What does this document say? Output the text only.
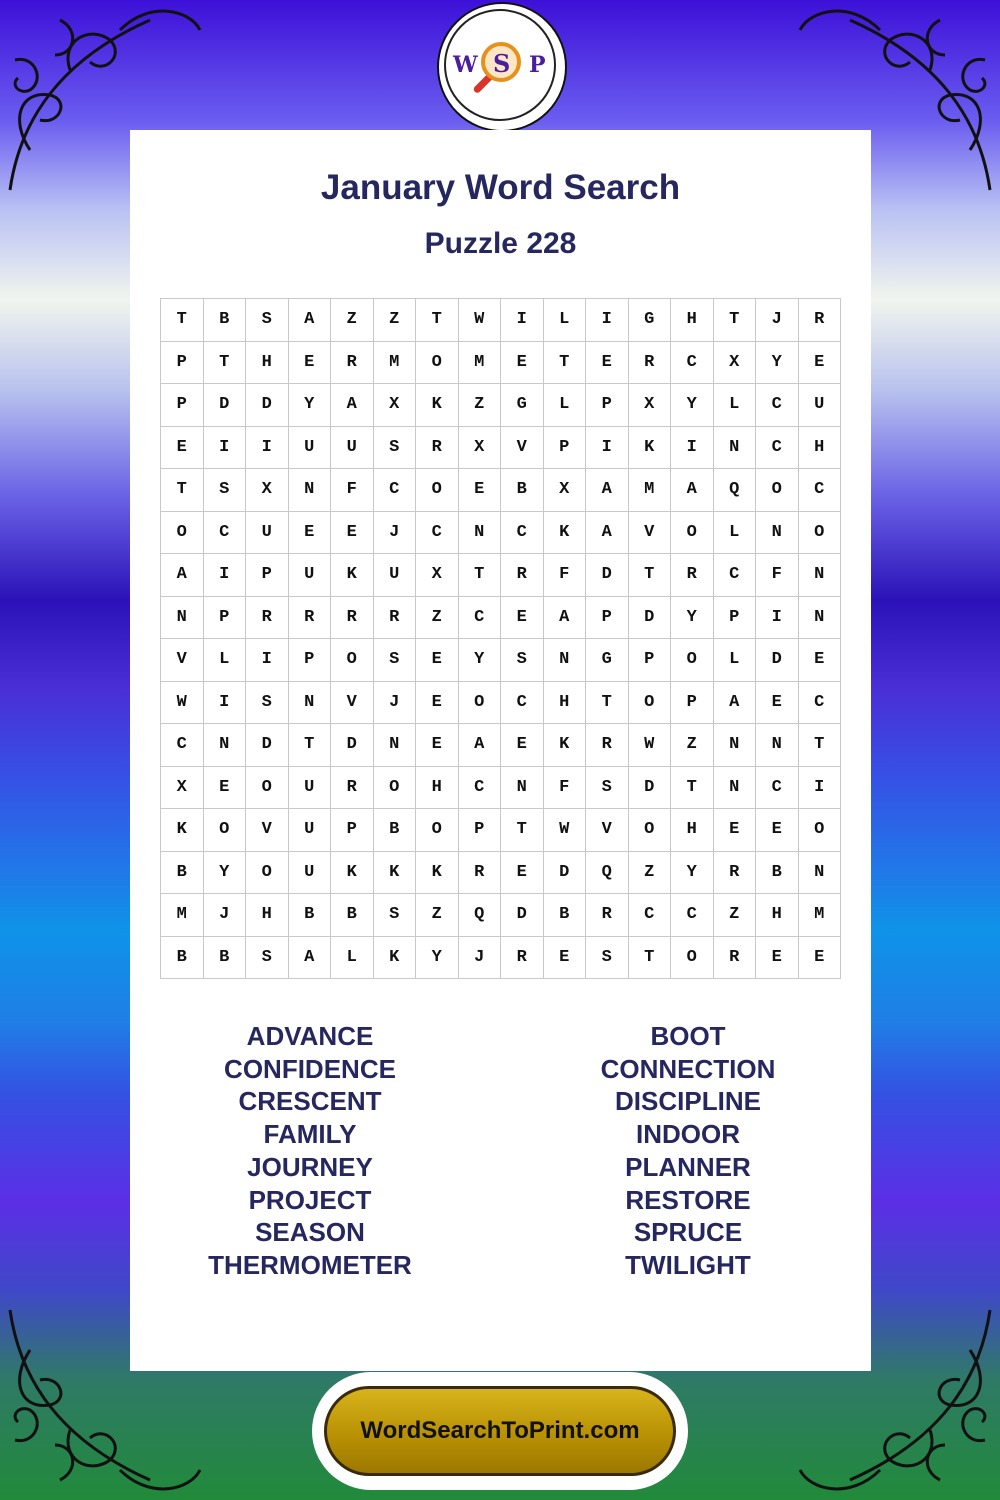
W S P
January Word Search
Puzzle 228
T	B	S	A	Z	Z	T	W	I	L	I	G	H	T	J	R
P	T	H	E	R	M	O	M	E	T	E	R	C	X	Y	E
P	D	D	Y	A	X	K	Z	G	L	P	X	Y	L	C	U
E	I	I	U	U	S	R	X	V	P	I	K	I	N	C	H
T	S	X	N	F	C	O	E	B	X	A	M	A	Q	O	C
O	C	U	E	E	J	C	N	C	K	A	V	O	L	N	O
A	I	P	U	K	U	X	T	R	F	D	T	R	C	F	N
N	P	R	R	R	R	Z	C	E	A	P	D	Y	P	I	N
V	L	I	P	O	S	E	Y	S	N	G	P	O	L	D	E
W	I	S	N	V	J	E	O	C	H	T	O	P	A	E	C
C	N	D	T	D	N	E	A	E	K	R	W	Z	N	N	T
X	E	O	U	R	O	H	C	N	F	S	D	T	N	C	I
K	O	V	U	P	B	O	P	T	W	V	O	H	E	E	O
B	Y	O	U	K	K	K	R	E	D	Q	Z	Y	R	B	N
M	J	H	B	B	S	Z	Q	D	B	R	C	C	Z	H	M
B	B	S	A	L	K	Y	J	R	E	S	T	O	R	E	E
ADVANCE
CONFIDENCE
CRESCENT
FAMILY
JOURNEY
PROJECT
SEASON
THERMOMETER
BOOT
CONNECTION
DISCIPLINE
INDOOR
PLANNER
RESTORE
SPRUCE
TWILIGHT
WordSearchToPrint.com
